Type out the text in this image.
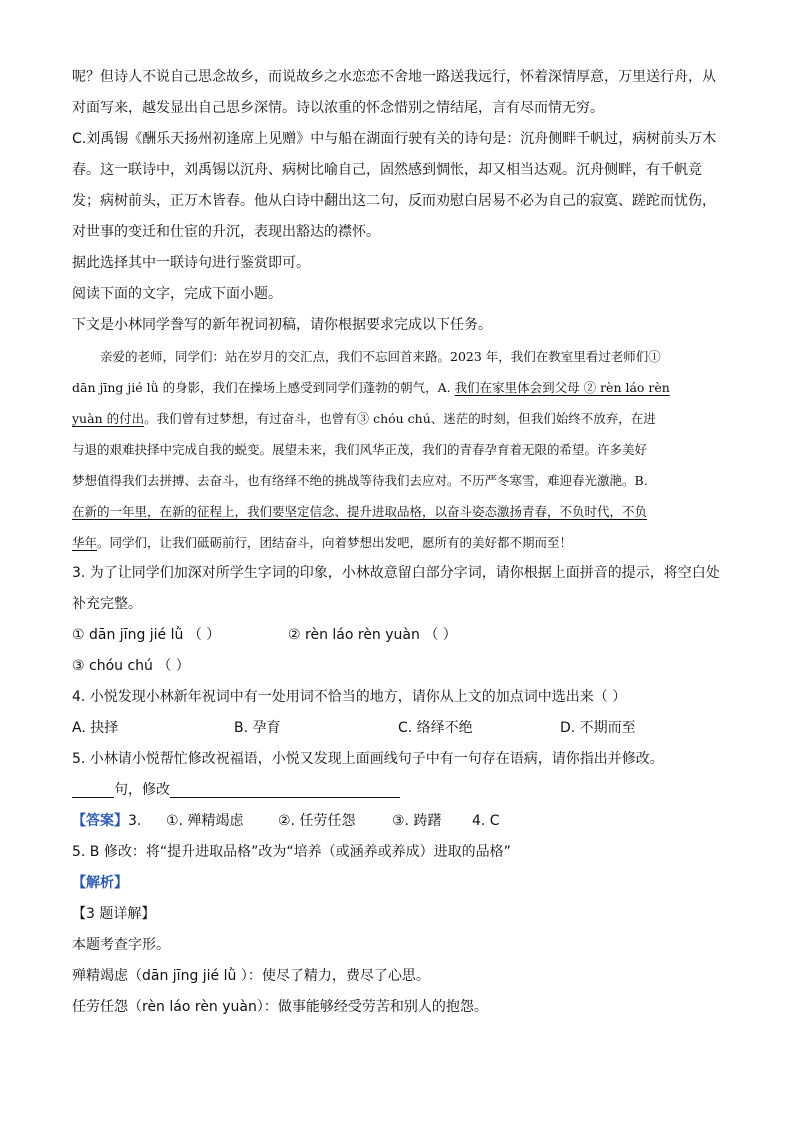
呢？但诗人不说自己思念故乡，而说故乡之水恋恋不舍地一路送我远行，怀着深情厚意，万里送行舟，从

对面写来，越发显出自己思乡深情。诗以浓重的怀念惜别之情结尾，言有尽而情无穷。

C.刘禹锡《酬乐天扬州初逢席上见赠》中与船在湖面行驶有关的诗句是：沉舟侧畔千帆过，病树前头万木

春。这一联诗中，刘禹锡以沉舟、病树比喻自己，固然感到惆怅，却又相当达观。沉舟侧畔，有千帆竞

发；病树前头，正万木皆春。他从白诗中翻出这二句，反而劝慰白居易不必为自己的寂寞、蹉跎而忧伤，

对世事的变迁和仕宦的升沉，表现出豁达的襟怀。

据此选择其中一联诗句进行鉴赏即可。

阅读下面的文字，完成下面小题。

下文是小林同学誊写的新年祝词初稿，请你根据要求完成以下任务。

亲爱的老师，同学们：站在岁月的交汇点，我们不忘回首来路。2023 年，我们在教室里看过老师们①

dān jīng jié lǜ 的身影，我们在操场上感受到同学们蓬勃的朝气，A. 我们在家里体会到父母 ② rèn láo rèn

yuàn 的付出。我们曾有过梦想，有过奋斗，也曾有③ chóu chú、迷茫的时刻，但我们始终不放弃，在进

与退的艰难抉择中完成自我的蜕变。展望未来，我们风华正茂，我们的青春孕育着无限的希望。许多美好

梦想值得我们去拼搏、去奋斗，也有络绎不绝的挑战等待我们去应对。不历严冬寒雪，难迎春光激滟。B.

在新的一年里，在新的征程上，我们要坚定信念、提升进取品格，以奋斗姿态激扬青春，不负时代，不负

华年。同学们，让我们砥砺前行，团结奋斗，向着梦想出发吧，愿所有的美好都不期而至！

3. 为了让同学们加深对所学生字词的印象，小林故意留白部分字词，请你根据上面拼音的提示，将空白处

补充完整。

① dān jīng jié lǜ （ ）	② rèn láo rèn yuàn （ ）

③ chóu chú （ ）

4. 小悦发现小林新年祝词中有一处用词不恰当的地方，请你从上文的加点词中选出来（ ）

A. 抉择	B. 孕育	C. 络绎不绝	D. 不期而至

5. 小林请小悦帮忙修改祝福语，小悦又发现上面画线句子中有一句存在语病，请你指出并修改。

句，修改

【答案】3. ①. 殚精竭虑 ②. 任劳任怨	③. 踌躇 4. C

5. B 修改：将“提升进取品格”改为“培养（或涵养或养成）进取的品格”

【解析】

【3 题详解】

本题考查字形。

殚精竭虑（dān jīng jié lǜ ）：使尽了精力，费尽了心思。

任劳任怨（rèn láo rèn yuàn）：做事能够经受劳苦和别人的抱怨。
